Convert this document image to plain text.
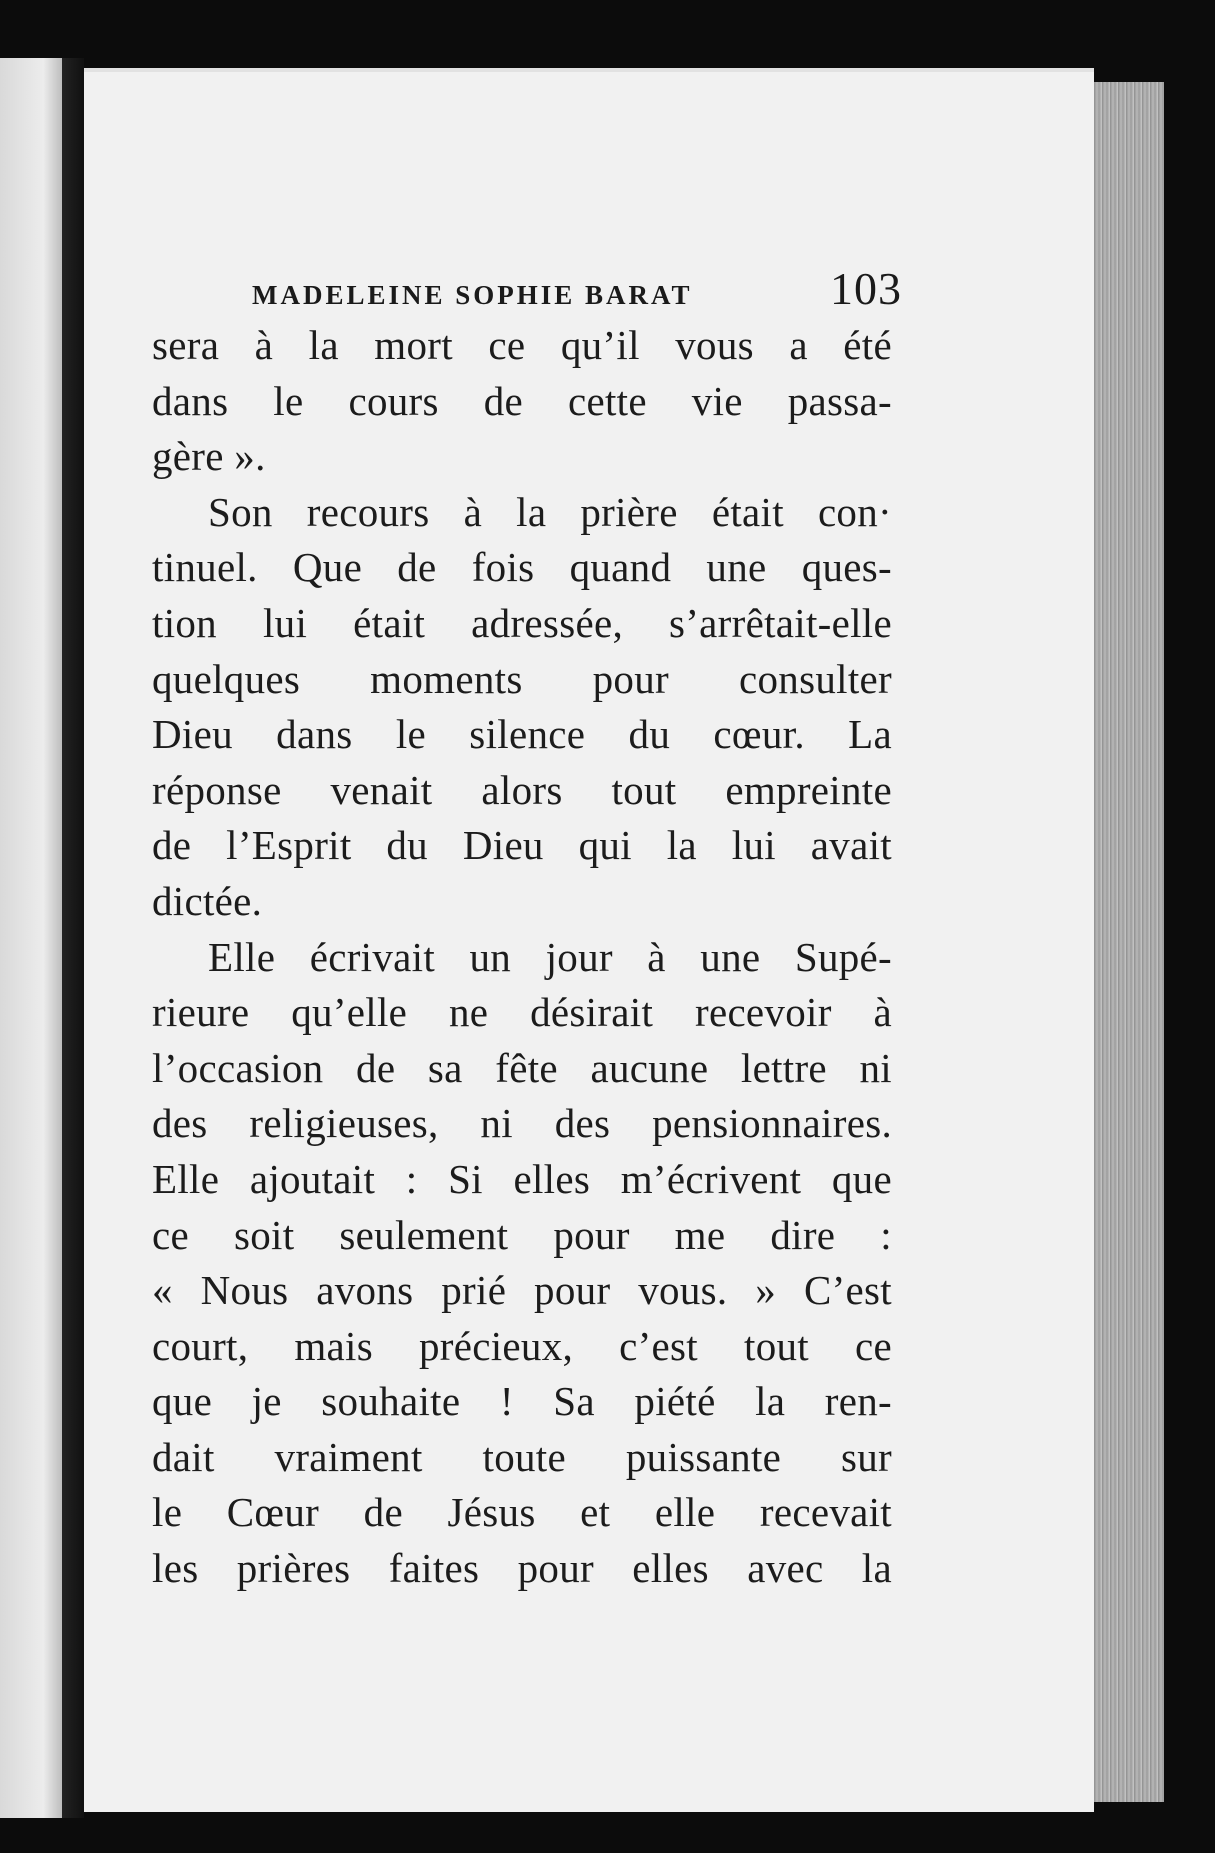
MADELEINE SOPHIE BARAT	103
sera à la mort ce qu’il vous a été
dans le cours de cette vie passa-
gère ».
Son recours à la prière était con·
tinuel. Que de fois quand une ques-
tion lui était adressée, s’arrêtait-elle
quelques moments pour consulter
Dieu dans le silence du cœur. La
réponse venait alors tout empreinte
de l’Esprit du Dieu qui la lui avait
dictée.
Elle écrivait un jour à une Supé-
rieure qu’elle ne désirait recevoir à
l’occasion de sa fête aucune lettre ni
des religieuses, ni des pensionnaires.
Elle ajoutait : Si elles m’écrivent que
ce soit seulement pour me dire :
« Nous avons prié pour vous. » C’est
court, mais précieux, c’est tout ce
que je souhaite ! Sa piété la ren-
dait vraiment toute puissante sur
le Cœur de Jésus et elle recevait
les prières faites pour elles avec la
